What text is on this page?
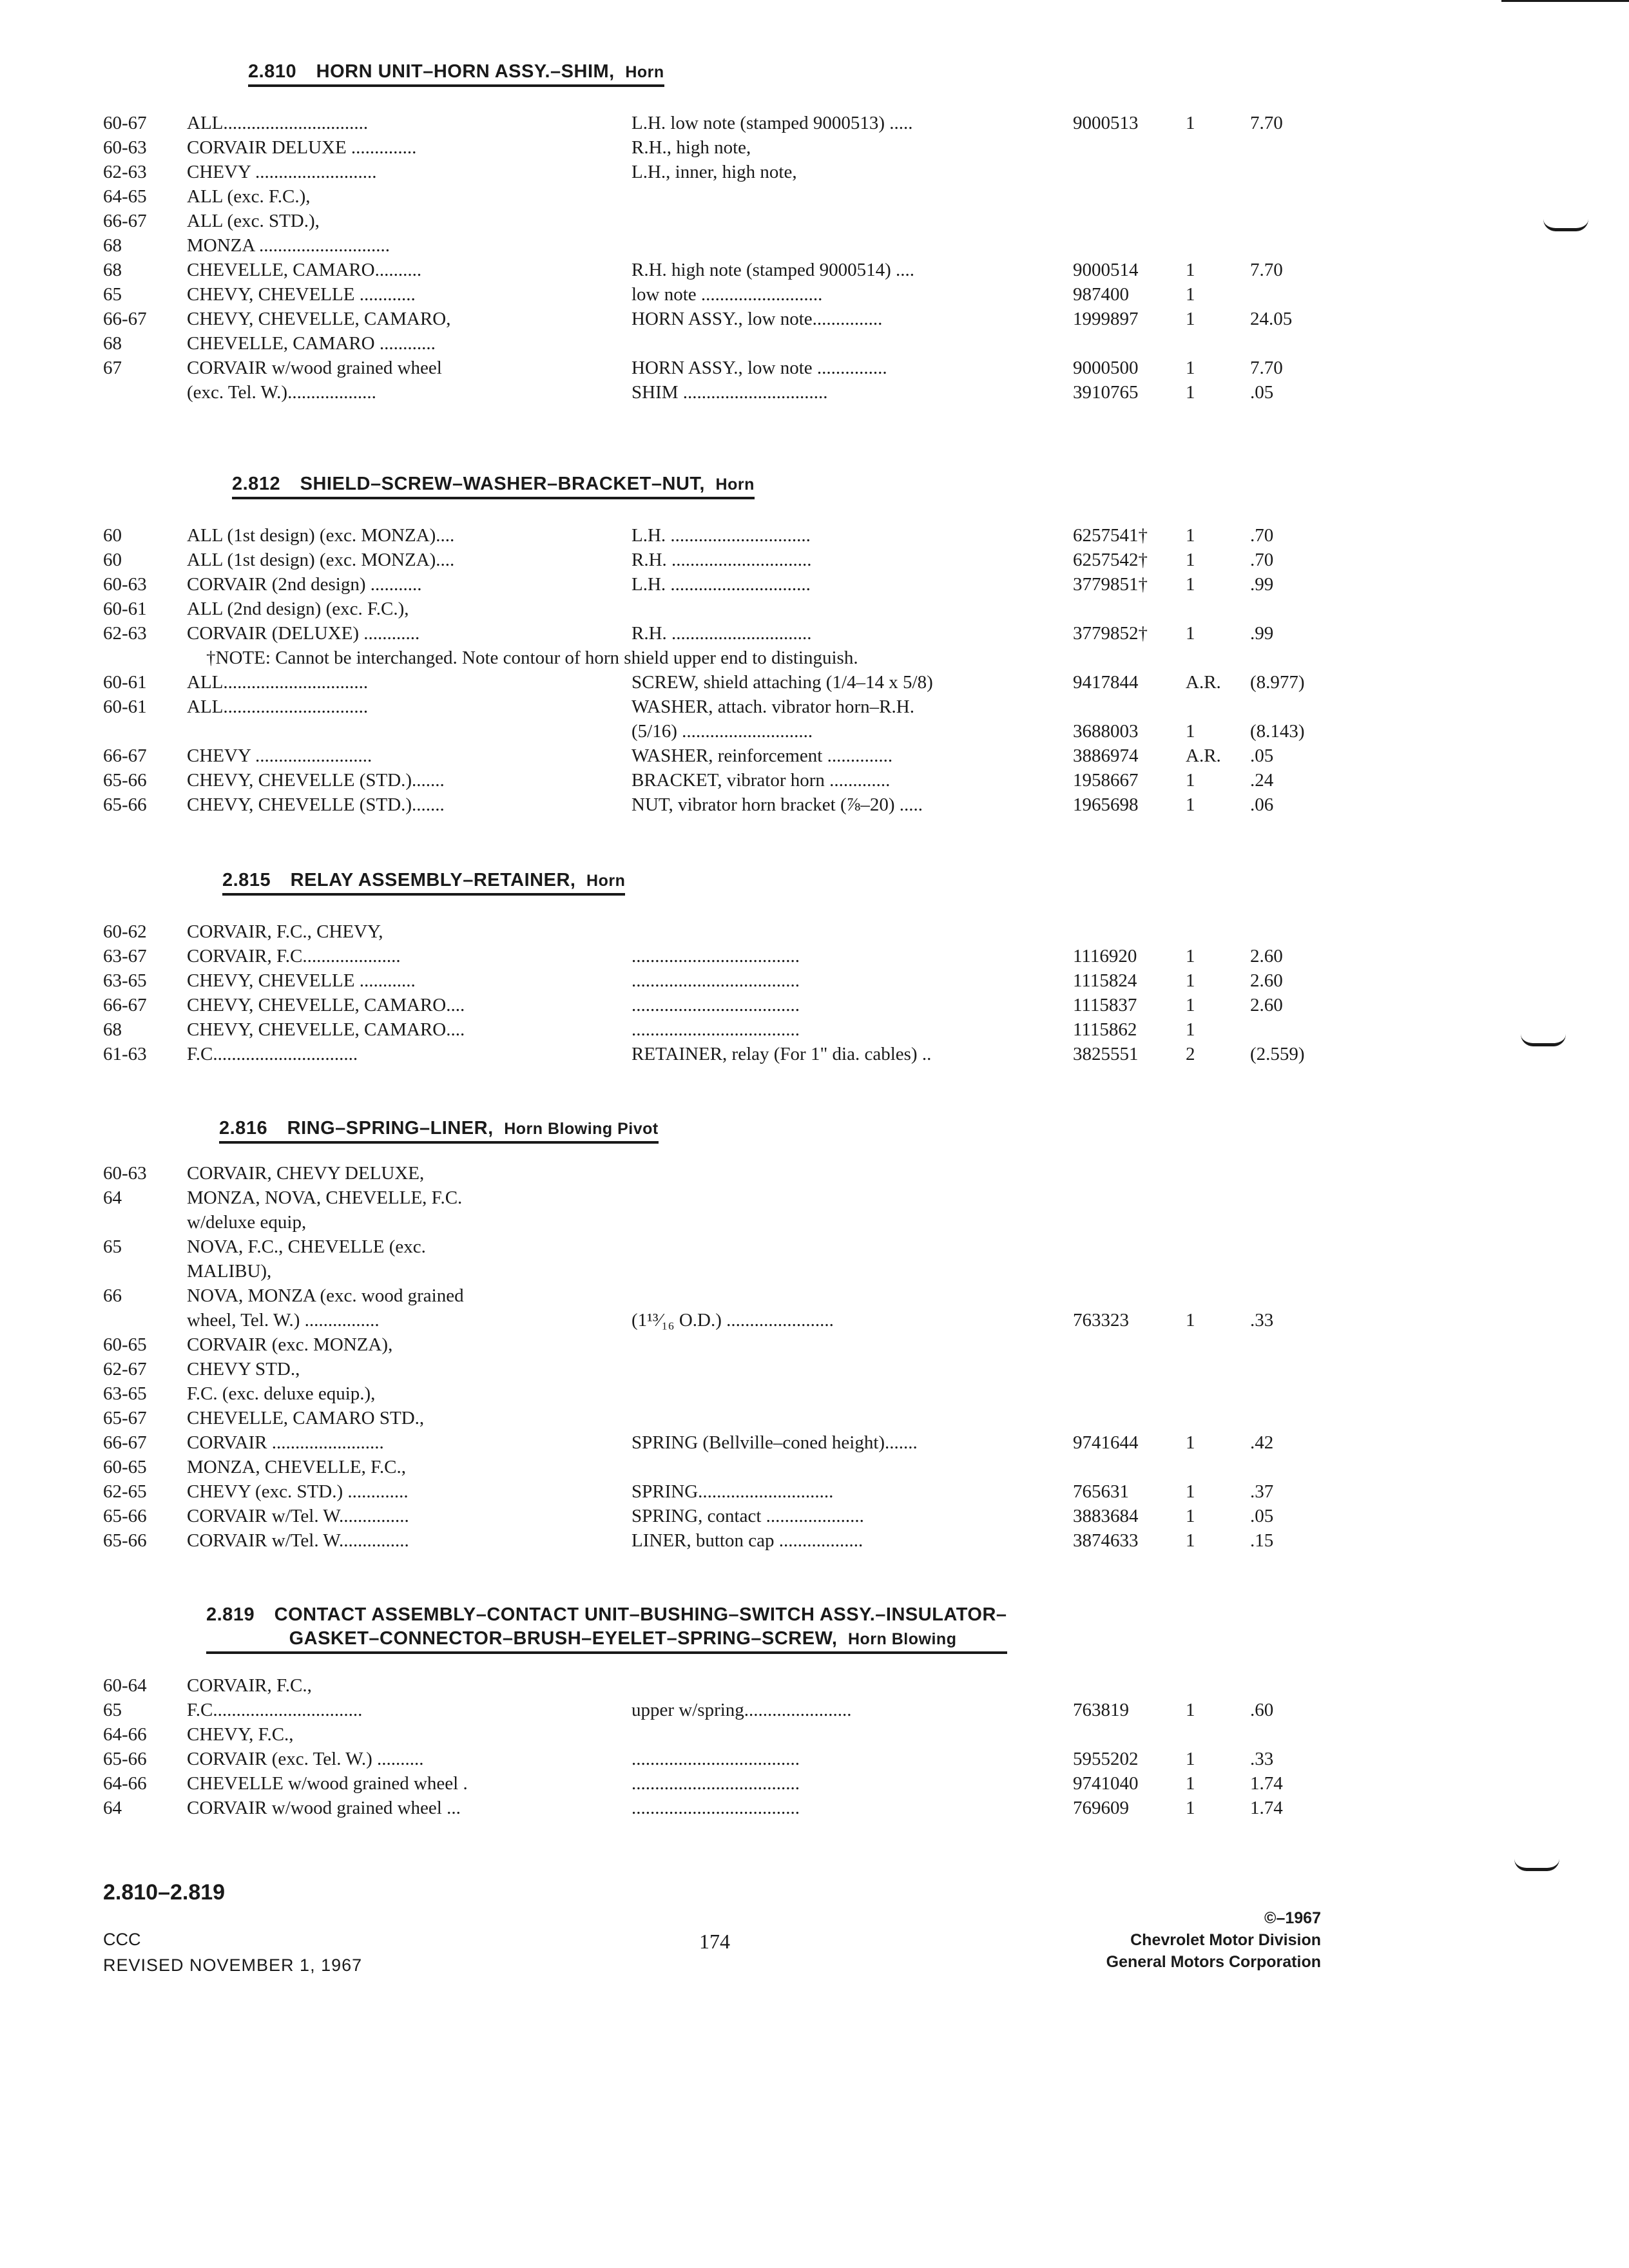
2.810 HORN UNIT–HORN ASSY.–SHIM, Horn
60-67 ALL...............................	L.H. low note (stamped 9000513) .....	9000513	1	7.70
60-63 CORVAIR DELUXE ..............	R.H., high note,
62-63 CHEVY ..........................	L.H., inner, high note,
64-65 ALL (exc. F.C.),
66-67 ALL (exc. STD.),
68	MONZA ............................
68	CHEVELLE, CAMARO..........	R.H. high note (stamped 9000514) ....	9000514	1	7.70
65	CHEVY, CHEVELLE ............	low note ..........................	987400	1
66-67 CHEVY, CHEVELLE, CAMARO,	HORN ASSY., low note...............	1999897	1	24.05
68	CHEVELLE, CAMARO ............
67	CORVAIR w/wood grained wheel	HORN ASSY., low note ...............	9000500	1	7.70
(exc. Tel. W.)...................	SHIM ...............................	3910765	1	.05
2.812 SHIELD–SCREW–WASHER–BRACKET–NUT, Horn
60	ALL (1st design) (exc. MONZA)....	L.H. ..............................	6257541† 1	.70
60	ALL (1st design) (exc. MONZA)....	R.H. ..............................	6257542† 1	.70
60-63 CORVAIR (2nd design) ...........	L.H. ..............................	3779851† 1	.99
60-61 ALL (2nd design) (exc. F.C.),
62-63 CORVAIR (DELUXE) ............	R.H. ..............................	3779852† 1	.99
†NOTE: Cannot be interchanged. Note contour of horn shield upper end to distinguish.
60-61 ALL...............................	SCREW, shield attaching (1/4–14 x 5/8)	9417844	A.R. (8.977)
60-61 ALL...............................	WASHER, attach. vibrator horn–R.H.
(5/16) ............................	3688003	1	(8.143)
66-67 CHEVY .........................	WASHER, reinforcement ..............	3886974	A.R. .05
65-66 CHEVY, CHEVELLE (STD.).......	BRACKET, vibrator horn .............	1958667	1	.24
65-66 CHEVY, CHEVELLE (STD.).......	NUT, vibrator horn bracket (⅞–20) .....	1965698	1	.06
2.815 RELAY ASSEMBLY–RETAINER, Horn
60-62 CORVAIR, F.C., CHEVY,
63-67 CORVAIR, F.C.....................	....................................	1116920	1	2.60
63-65 CHEVY, CHEVELLE ............	....................................	1115824	1	2.60
66-67 CHEVY, CHEVELLE, CAMARO....	....................................	1115837	1	2.60
68	CHEVY, CHEVELLE, CAMARO....	....................................	1115862	1
61-63 F.C...............................	RETAINER, relay (For 1" dia. cables) ..	3825551	2	(2.559)
2.816 RING–SPRING–LINER, Horn Blowing Pivot
60-63 CORVAIR, CHEVY DELUXE,
64	MONZA, NOVA, CHEVELLE, F.C.
w/deluxe equip,
65	NOVA, F.C., CHEVELLE (exc.
MALIBU),
66	NOVA, MONZA (exc. wood grained
wheel, Tel. W.) ................	(1¹³⁄₁₆ O.D.) .......................	763323	1	.33
60-65 CORVAIR (exc. MONZA),
62-67 CHEVY STD.,
63-65 F.C. (exc. deluxe equip.),
65-67 CHEVELLE, CAMARO STD.,
66-67 CORVAIR ........................	SPRING (Bellville–coned height).......	9741644	1	.42
60-65 MONZA, CHEVELLE, F.C.,
62-65 CHEVY (exc. STD.) .............	SPRING.............................	765631	1	.37
65-66 CORVAIR w/Tel. W...............	SPRING, contact .....................	3883684	1	.05
65-66 CORVAIR w/Tel. W...............	LINER, button cap ..................	3874633	1	.15
2.819 CONTACT ASSEMBLY–CONTACT UNIT–BUSHING–SWITCH ASSY.–INSULATOR–
GASKET–CONNECTOR–BRUSH–EYELET–SPRING–SCREW, Horn Blowing
60-64 CORVAIR, F.C.,
65	F.C................................	upper w/spring.......................	763819	1	.60
64-66 CHEVY, F.C.,
65-66 CORVAIR (exc. Tel. W.) ..........	....................................	5955202	1	.33
64-66 CHEVELLE w/wood grained wheel .	....................................	9741040	1	1.74
64	CORVAIR w/wood grained wheel ...	....................................	769609	1	1.74
2.810–2.819
CCC
REVISED NOVEMBER 1, 1967
174
©–1967
Chevrolet Motor Division
General Motors Corporation
